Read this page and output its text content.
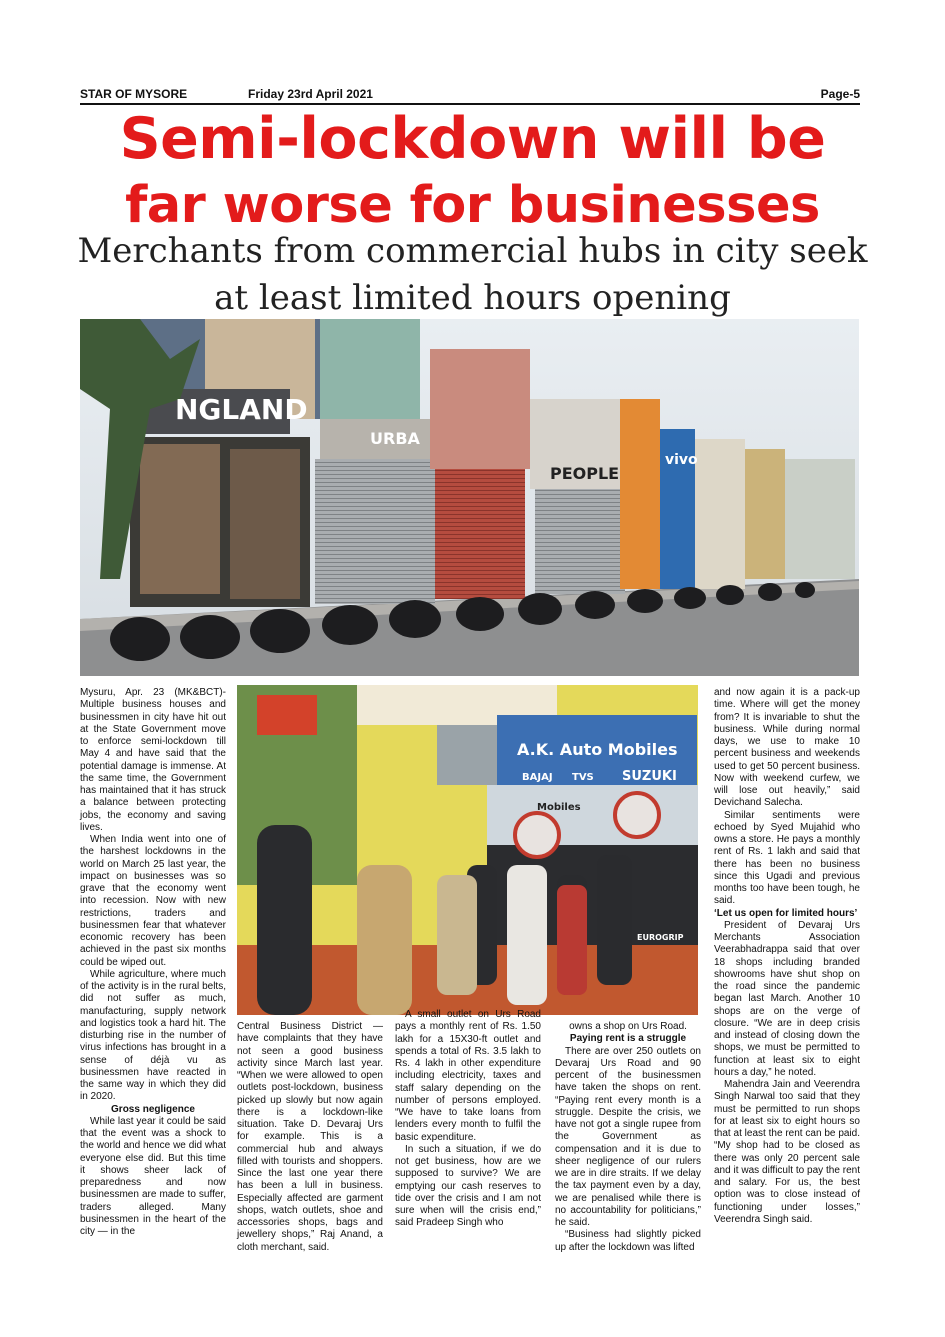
STAR OF MYSORE	Friday 23rd April 2021	Page-5
Semi-lockdown will be
far worse for businesses
Merchants from commercial hubs in city seek
at least limited hours opening
NGLAND
URBA
PEOPLE
vivo
A.K. Auto Mobiles
SUZUKI
BAJAJ TVS
Mobiles
EUROGRIP

Mysuru, Apr. 23 (MK&BCT)- Multiple business houses and businessmen in city have hit out at the State Government move to enforce semi-lockdown till May 4 and have said that the potential damage is immense. At the same time, the Government has maintained that it has struck a balance between protecting jobs, the economy and saving lives.

When India went into one of the harshest lockdowns in the world on March 25 last year, the impact on businesses was so grave that the economy went into recession. Now with new restrictions, traders and businessmen fear that whatever economic recovery has been achieved in the past six months could be wiped out.

While agriculture, where much of the activity is in the rural belts, did not suffer as much, manufacturing, supply network and logistics took a hard hit. The disturbing rise in the number of virus infections has brought in a sense of déjà vu as businessmen have reacted in the same way in which they did in 2020.

Gross negligence

While last year it could be said that the event was a shock to the world and hence we did what everyone else did. But this time it shows sheer lack of preparedness and now businessmen are made to suffer, traders alleged. Many businessmen in the heart of the city — in the

Central Business District — have complaints that they have not seen a good business activity since March last year. “When we were allowed to open outlets post-lockdown, business picked up slowly but now again there is a lockdown-like situation. Take D. Devaraj Urs for example. This is a commercial hub and always filled with tourists and shoppers. Since the last one year there has been a lull in business. Especially affected are garment shops, watch outlets, shoe and accessories shops, bags and jewellery shops,” Raj Anand, a cloth merchant, said.

A small outlet on Urs Road pays a monthly rent of Rs. 1.50 lakh for a 15X30-ft outlet and spends a total of Rs. 3.5 lakh to Rs. 4 lakh in other expenditure including electricity, taxes and staff salary depending on the number of persons employed. “We have to take loans from lenders every month to fulfil the basic expenditure.

In such a situation, if we do not get business, how are we supposed to survive? We are emptying our cash reserves to tide over the crisis and I am not sure when will the crisis end,” said Pradeep Singh who

owns a shop on Urs Road.

Paying rent is a struggle

There are over 250 outlets on Devaraj Urs Road and 90 percent of the businessmen have taken the shops on rent. “Paying rent every month is a struggle. Despite the crisis, we have not got a single rupee from the Government as compensation and it is due to sheer negligence of our rulers we are in dire straits. If we delay the tax payment even by a day, we are penalised while there is no accountability for politicians,” he said.

“Business had slightly picked up after the lockdown was lifted

and now again it is a pack-up time. Where will get the money from? It is invariable to shut the business. While during normal days, we use to make 10 percent business and weekends used to get 50 percent business. Now with weekend curfew, we will lose out heavily,” said Devichand Salecha.

Similar sentiments were echoed by Syed Mujahid who owns a store. He pays a monthly rent of Rs. 1 lakh and said that there has been no business since this Ugadi and previous months too have been tough, he said.

‘Let us open for limited hours’

President of Devaraj Urs Merchants Association Veerabhadrappa said that over 18 shops including branded showrooms have shut shop on the road since the pandemic began last March. Another 10 shops are on the verge of closure. “We are in deep crisis and instead of closing down the shops, we must be permitted to function at least six to eight hours a day,” he noted.

Mahendra Jain and Veerendra Singh Narwal too said that they must be permitted to run shops for at least six to eight hours so that at least the rent can be paid. “My shop had to be closed as there was only 20 percent sale and it was difficult to pay the rent and salary. For us, the best option was to close instead of functioning under losses,” Veerendra Singh said.
